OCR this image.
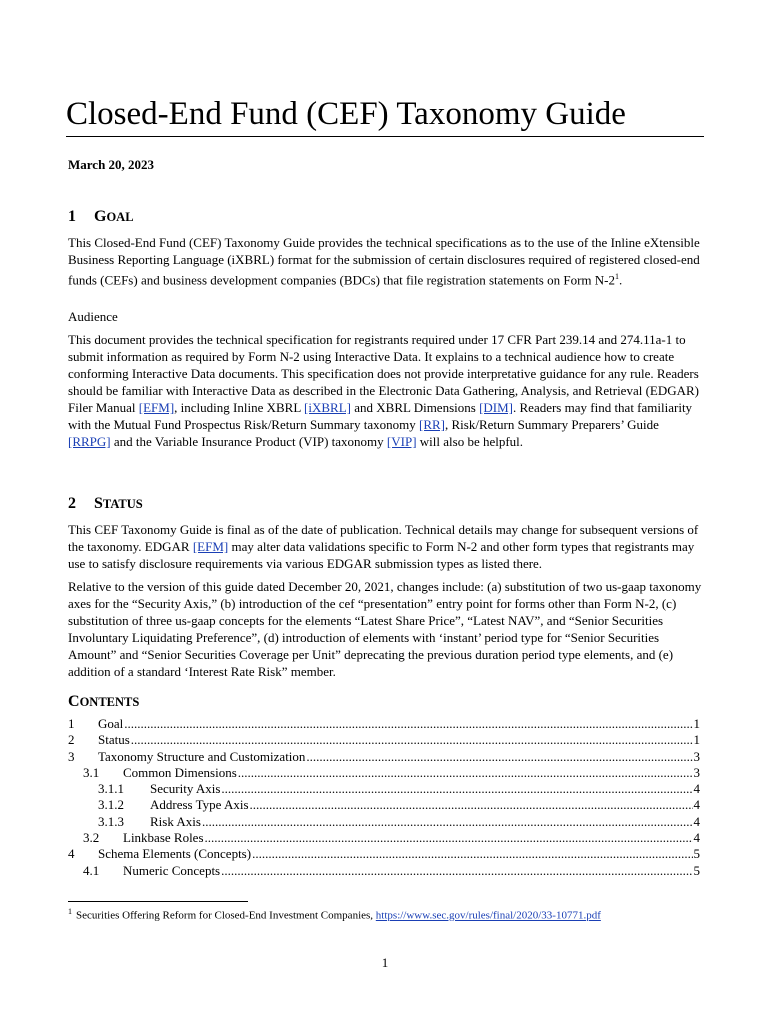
Closed-End Fund (CEF) Taxonomy Guide
March 20, 2023
1 GOAL

This Closed-End Fund (CEF) Taxonomy Guide provides the technical specifications as to the use of the Inline eXtensible Business Reporting Language (iXBRL) format for the submission of certain disclosures required of registered closed-end funds (CEFs) and business development companies (BDCs) that file registration statements on Form $N-2^1$.

Audience

This document provides the technical specification for registrants required under 17 CFR Part 239.14 and 274.11a-1 to submit information as required by Form N-2 using Interactive Data. It explains to a technical audience how to create conforming Interactive Data documents. This specification does not provide interpretative guidance for any rule. Readers should be familiar with Interactive Data as described in the Electronic Data Gathering, Analysis, and Retrieval (EDGAR) Filer Manual [EFM], including Inline XBRL [iXBRL] and XBRL Dimensions [DIM]. Readers may find that familiarity with the Mutual Fund Prospectus Risk/Return Summary taxonomy [RR], Risk/Return Summary Preparers’ Guide [RRPG] and the Variable Insurance Product (VIP) taxonomy [VIP] will also be helpful.

2 STATUS

This CEF Taxonomy Guide is final as of the date of publication. Technical details may change for subsequent versions of the taxonomy. EDGAR [EFM] may alter data validations specific to Form N-2 and other form types that registrants may use to satisfy disclosure requirements via various EDGAR submission types as listed there.

Relative to the version of this guide dated December 20, 2021, changes include: (a) substitution of two us-gaap taxonomy axes for the “Security Axis,” (b) introduction of the cef “presentation” entry point for forms other than Form N-2, (c) substitution of three us-gaap concepts for the elements “Latest Share Price”, “Latest NAV”, and “Senior Securities Involuntary Liquidating Preference”, (d) introduction of elements with ‘instant’ period type for “Senior Securities Amount” and “Senior Securities Coverage per Unit” deprecating the previous duration period type elements, and (e) addition of a standard ‘Interest Rate Risk” member.

CONTENTS
1	Goal .....	1
2	Status .....	1
3	Taxonomy Structure and Customization .....	3
3.1	Common Dimensions .....	3
3.1.1	Security Axis .....	4
3.1.2	Address Type Axis .....	4
3.1.3	Risk Axis .....	4
3.2	Linkbase Roles .....	4
4	Schema Elements (Concepts) .....	5
4.1	Numeric Concepts .....	5
$^1$ Securities Offering Reform for Closed-End Investment Companies, https://www.sec.gov/rules/final/2020/33-10771.pdf
1
